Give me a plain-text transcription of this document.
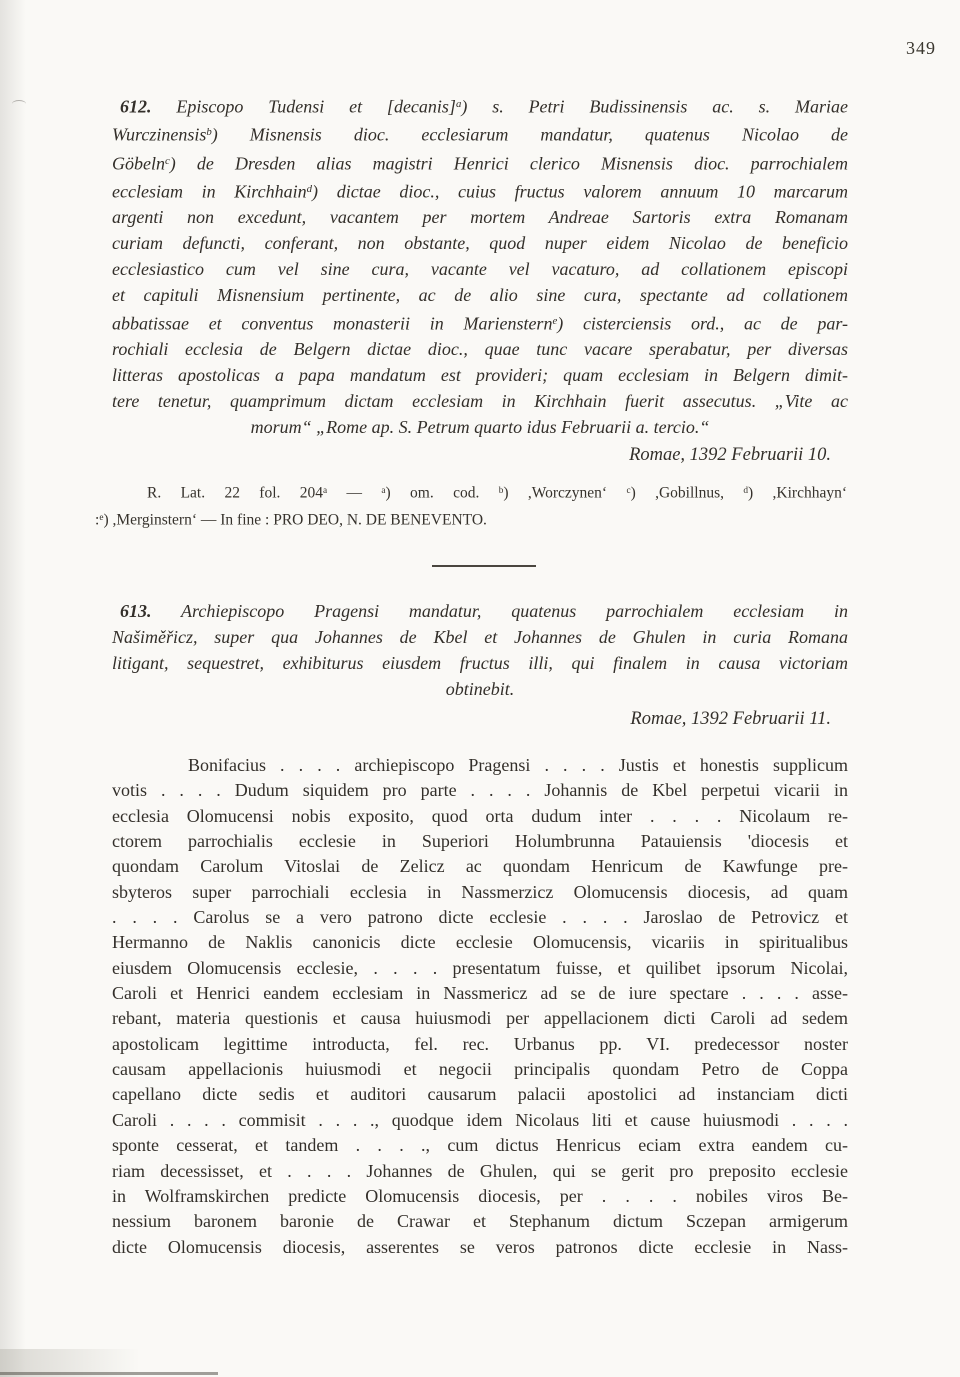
349
612. Episcopo Tudensi et [decanis]$^a$) s. Petri Budissinensis ac. s. Mariae
Wurczinensis$^b$) Misnensis dioc. ecclesiarum mandatur, quatenus Nicolao de
Göbeln$^c$) de Dresden alias magistri Henrici clerico Misnensis dioc. parrochialem
ecclesiam in Kirchhain$^d$) dictae dioc., cuius fructus valorem annuum 10 marcarum
argenti non excedunt, vacantem per mortem Andreae Sartoris extra Romanam
curiam defuncti, conferant, non obstante, quod nuper eidem Nicolao de beneficio
ecclesiastico cum vel sine cura, vacante vel vacaturo, ad collationem episcopi
et capituli Misnensium pertinente, ac de alio sine cura, spectante ad collationem
abbatissae et conventus monasterii in Marienstern$^e$) cisterciensis ord., ac de par-
rochiali ecclesia de Belgern dictae dioc., quae tunc vacare sperabatur, per diversas
litteras apostolicas a papa mandatum est provideri; quam ecclesiam in Belgern dimit-
tere tenetur, quamprimum dictam ecclesiam in Kirchhain fuerit assecutus. „Vite ac
morum“ „Rome ap. S. Petrum quarto idus Februarii a. tercio.“
Romae, 1392 Februarii 10.
R. Lat. 22 fol. 204$^a$ — $^a$) om. cod. $^b$) ,Worczynen‘ $^c$) ,Gobillnus, $^d$) ,Kirchhayn‘
:$^e$) ,Merginstern‘ — In fine : PRO DEO, N. DE BENEVENTO.
613. Archiepiscopo Pragensi mandatur, quatenus parrochialem ecclesiam in
Našiměřicz, super qua Johannes de Kbel et Johannes de Ghulen in curia Romana
litigant, sequestret, exhibiturus eiusdem fructus illi, qui finalem in causa victoriam
obtinebit.
Romae, 1392 Februarii 11.
Bonifacius . . . . archiepiscopo Pragensi . . . . Justis et honestis supplicum
votis . . . . Dudum siquidem pro parte . . . . Johannis de Kbel perpetui vicarii in
ecclesia Olomucensi nobis exposito, quod orta dudum inter . . . . Nicolaum re-
ctorem parrochialis ecclesie in Superiori Holumbrunna Patauiensis 'diocesis et
quondam Carolum Vitoslai de Zelicz ac quondam Henricum de Kawfunge pre-
sbyteros super parrochiali ecclesia in Nassmerzicz Olomucensis diocesis, ad quam
. . . . Carolus se a vero patrono dicte ecclesie . . . . Jaroslao de Petrovicz et
Hermanno de Naklis canonicis dicte ecclesie Olomucensis, vicariis in spiritualibus
eiusdem Olomucensis ecclesie, . . . . presentatum fuisse, et quilibet ipsorum Nicolai,
Caroli et Henrici eandem ecclesiam in Nassmericz ad se de iure spectare . . . . asse-
rebant, materia questionis et causa huiusmodi per appellacionem dicti Caroli ad sedem
apostolicam legittime introducta, fel. rec. Urbanus pp. VI. predecessor noster
causam appellacionis huiusmodi et negocii principalis quondam Petro de Coppa
capellano dicte sedis et auditori causarum palacii apostolici ad instanciam dicti
Caroli . . . . commisit . . . ., quodque idem Nicolaus liti et cause huiusmodi . . . .
sponte cesserat, et tandem . . . ., cum dictus Henricus eciam extra eandem cu-
riam decessisset, et . . . . Johannes de Ghulen, qui se gerit pro preposito ecclesie
in Wolframskirchen predicte Olomucensis diocesis, per . . . . nobiles viros Be-
nessium baronem baronie de Crawar et Stephanum dictum Sczepan armigerum
dicte Olomucensis diocesis, asserentes se veros patronos dicte ecclesie in Nass-
